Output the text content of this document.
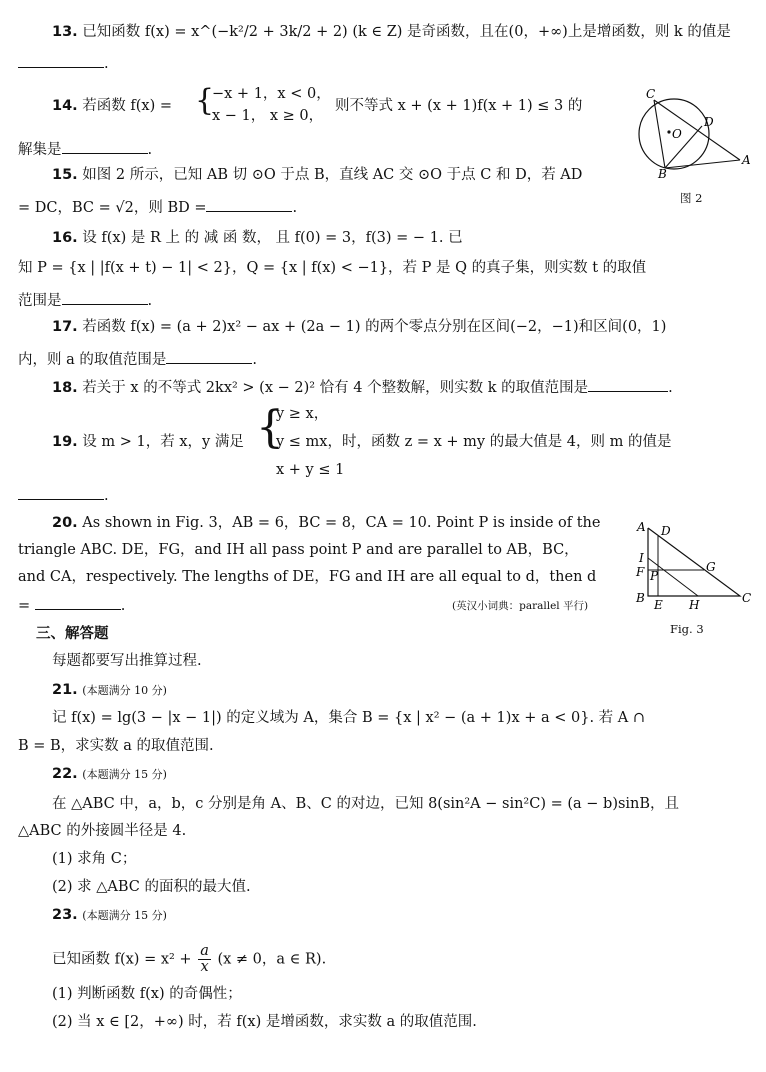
13. 已知函数 f(x) = x^(−k²/2 + 3k/2 + 2) (k ∈ Z) 是奇函数，且在(0，+∞)上是增函数，则 k 的值是
.
14. 若函数 f(x) = {
−x + 1，x < 0，
x − 1， x ≥ 0，
则不等式 x + (x + 1)f(x + 1) ≤ 3 的
解集是	.
15. 如图 2 所示，已知 AB 切 ⊙O 于点 B，直线 AC 交 ⊙O 于点 C 和 D，若 AD
= DC，BC = √2，则 BD =	.
C
O
D
A
B
图 2
16. 设 f(x) 是 R 上 的 减 函 数， 且 f(0) = 3，f(3) = − 1. 已
知 P = {x | |f(x + t) − 1| < 2}，Q = {x | f(x) < −1}，若 P 是 Q 的真子集，则实数 t 的取值
范围是	.
17. 若函数 f(x) = (a + 2)x² − ax + (2a − 1) 的两个零点分别在区间(−2，−1)和区间(0，1)
内，则 a 的取值范围是	.
18. 若关于 x 的不等式 2kx² > (x − 2)² 恰有 4 个整数解，则实数 k 的取值范围是	.
19. 设 m > 1，若 x，y 满足 {
y ≥ x，
y ≤ mx，时，函数 z = x + my 的最大值是 4，则 m 的值是
x + y ≤ 1
.
20. As shown in Fig. 3，AB = 6，BC = 8，CA = 10. Point P is inside of the
triangle ABC. DE，FG，and IH all pass point P and are parallel to AB，BC，
and CA，respectively. The lengths of DE，FG and IH are all equal to d，then d
=	.	(英汉小词典：parallel 平行)
A D
I
F P
G
B E H	C
Fig. 3
三、解答题
每题都要写出推算过程.
21. (本题满分 10 分)
记 f(x) = lg(3 − |x − 1|) 的定义域为 A，集合 B = {x | x² − (a + 1)x + a < 0}. 若 A ∩
B = B，求实数 a 的取值范围.
22. (本题满分 15 分)
在 △ABC 中，a，b，c 分别是角 A、B、C 的对边，已知 8(sin²A − sin²C) = (a − b)sinB，且
△ABC 的外接圆半径是 4.
(1) 求角 C；
(2) 求 △ABC 的面积的最大值.
23. (本题满分 15 分)
已知函数 $f(x) = x^2 + \frac{a}{x} (x \ne 0$，a ∈ R).
(1) 判断函数 f(x) 的奇偶性；
(2) 当 x ∈ [2，+∞) 时，若 f(x) 是增函数，求实数 a 的取值范围.
